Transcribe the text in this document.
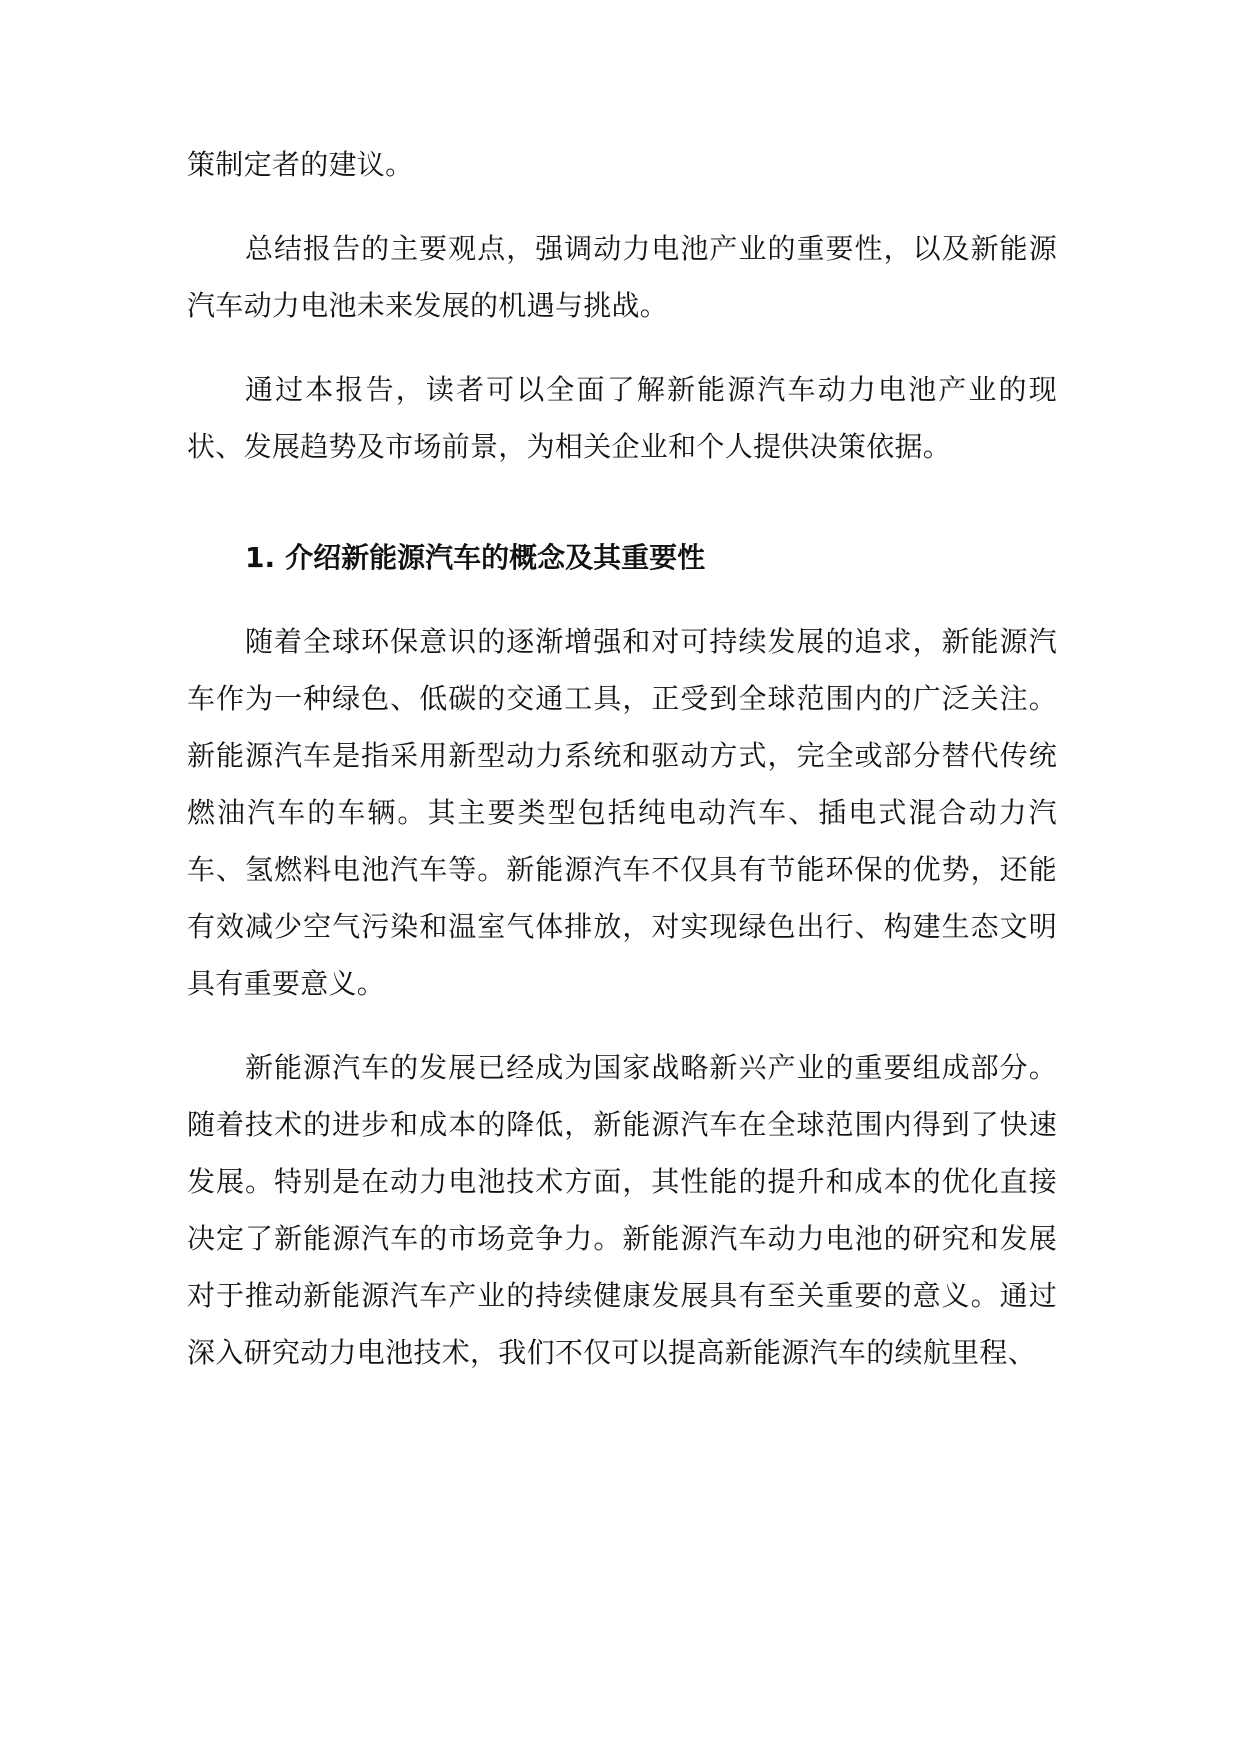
策制定者的建议。

总结报告的主要观点，强调动力电池产业的重要性，以及新能源汽车动力电池未来发展的机遇与挑战。

通过本报告，读者可以全面了解新能源汽车动力电池产业的现状、发展趋势及市场前景，为相关企业和个人提供决策依据。

1. 介绍新能源汽车的概念及其重要性

随着全球环保意识的逐渐增强和对可持续发展的追求，新能源汽车作为一种绿色、低碳的交通工具，正受到全球范围内的广泛关注。新能源汽车是指采用新型动力系统和驱动方式，完全或部分替代传统燃油汽车的车辆。其主要类型包括纯电动汽车、插电式混合动力汽车、氢燃料电池汽车等。新能源汽车不仅具有节能环保的优势，还能有效减少空气污染和温室气体排放，对实现绿色出行、构建生态文明具有重要意义。

新能源汽车的发展已经成为国家战略新兴产业的重要组成部分。随着技术的进步和成本的降低，新能源汽车在全球范围内得到了快速发展。特别是在动力电池技术方面，其性能的提升和成本的优化直接决定了新能源汽车的市场竞争力。新能源汽车动力电池的研究和发展对于推动新能源汽车产业的持续健康发展具有至关重要的意义。通过深入研究动力电池技术，我们不仅可以提高新能源汽车的续航里程、
